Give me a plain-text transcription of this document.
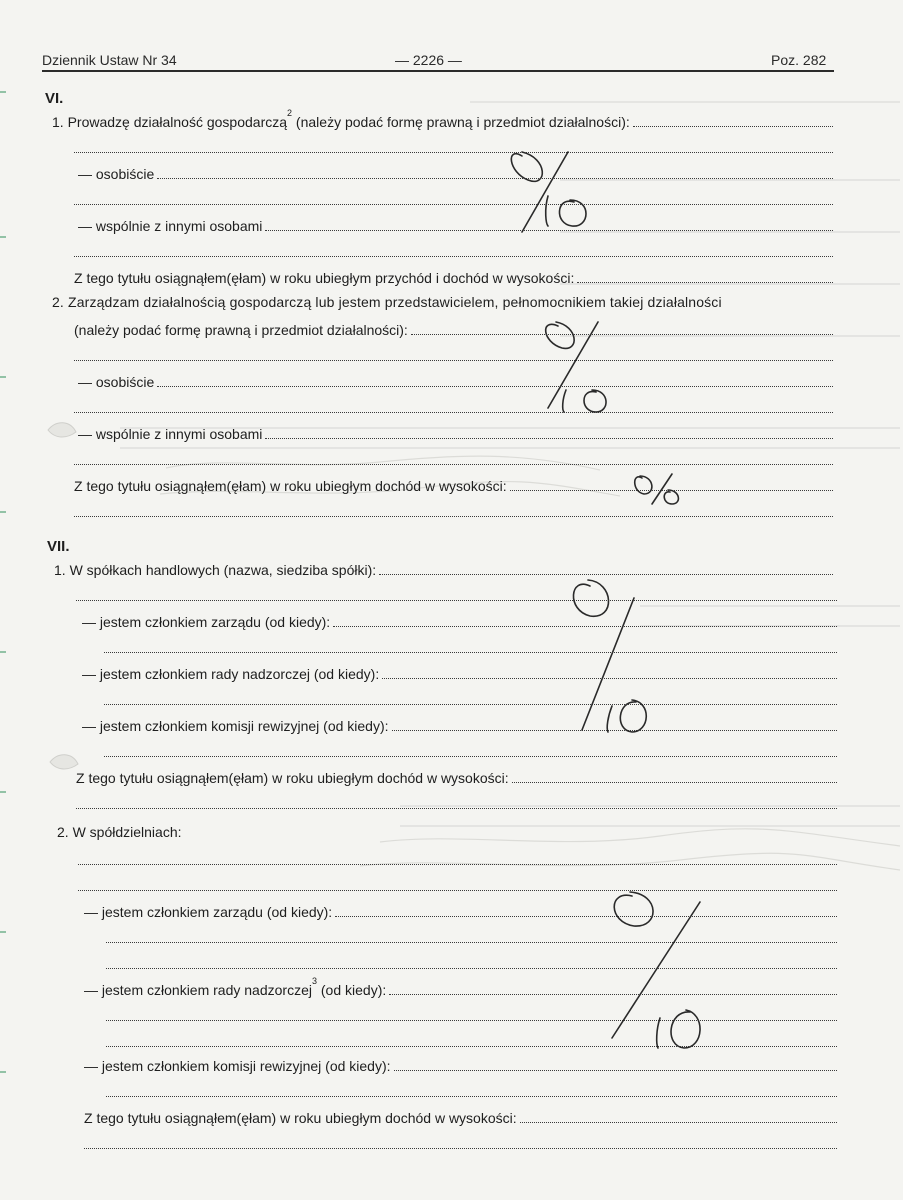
Dziennik Ustaw Nr 34	— 2226 —	Poz. 282
VI.
1. Prowadzę działalność gospodarczą$^2$ (należy podać formę prawną i przedmiot działalności):
— osobiście
— wspólnie z innymi osobami
Z tego tytułu osiągnąłem(ęłam) w roku ubiegłym przychód i dochód w wysokości:
2. Zarządzam działalnością gospodarczą lub jestem przedstawicielem, pełnomocnikiem takiej działalności
(należy podać formę prawną i przedmiot działalności):
— osobiście
— wspólnie z innymi osobami
Z tego tytułu osiągnąłem(ęłam) w roku ubiegłym dochód w wysokości:
VII.
1. W spółkach handlowych (nazwa, siedziba spółki):
— jestem członkiem zarządu (od kiedy):
— jestem członkiem rady nadzorczej (od kiedy):
— jestem członkiem komisji rewizyjnej (od kiedy):
Z tego tytułu osiągnąłem(ęłam) w roku ubiegłym dochód w wysokości:
2. W spółdzielniach:
— jestem członkiem zarządu (od kiedy):
— jestem członkiem rady nadzorczej$^3$ (od kiedy):
— jestem członkiem komisji rewizyjnej (od kiedy):
Z tego tytułu osiągnąłem(ęłam) w roku ubiegłym dochód w wysokości:
